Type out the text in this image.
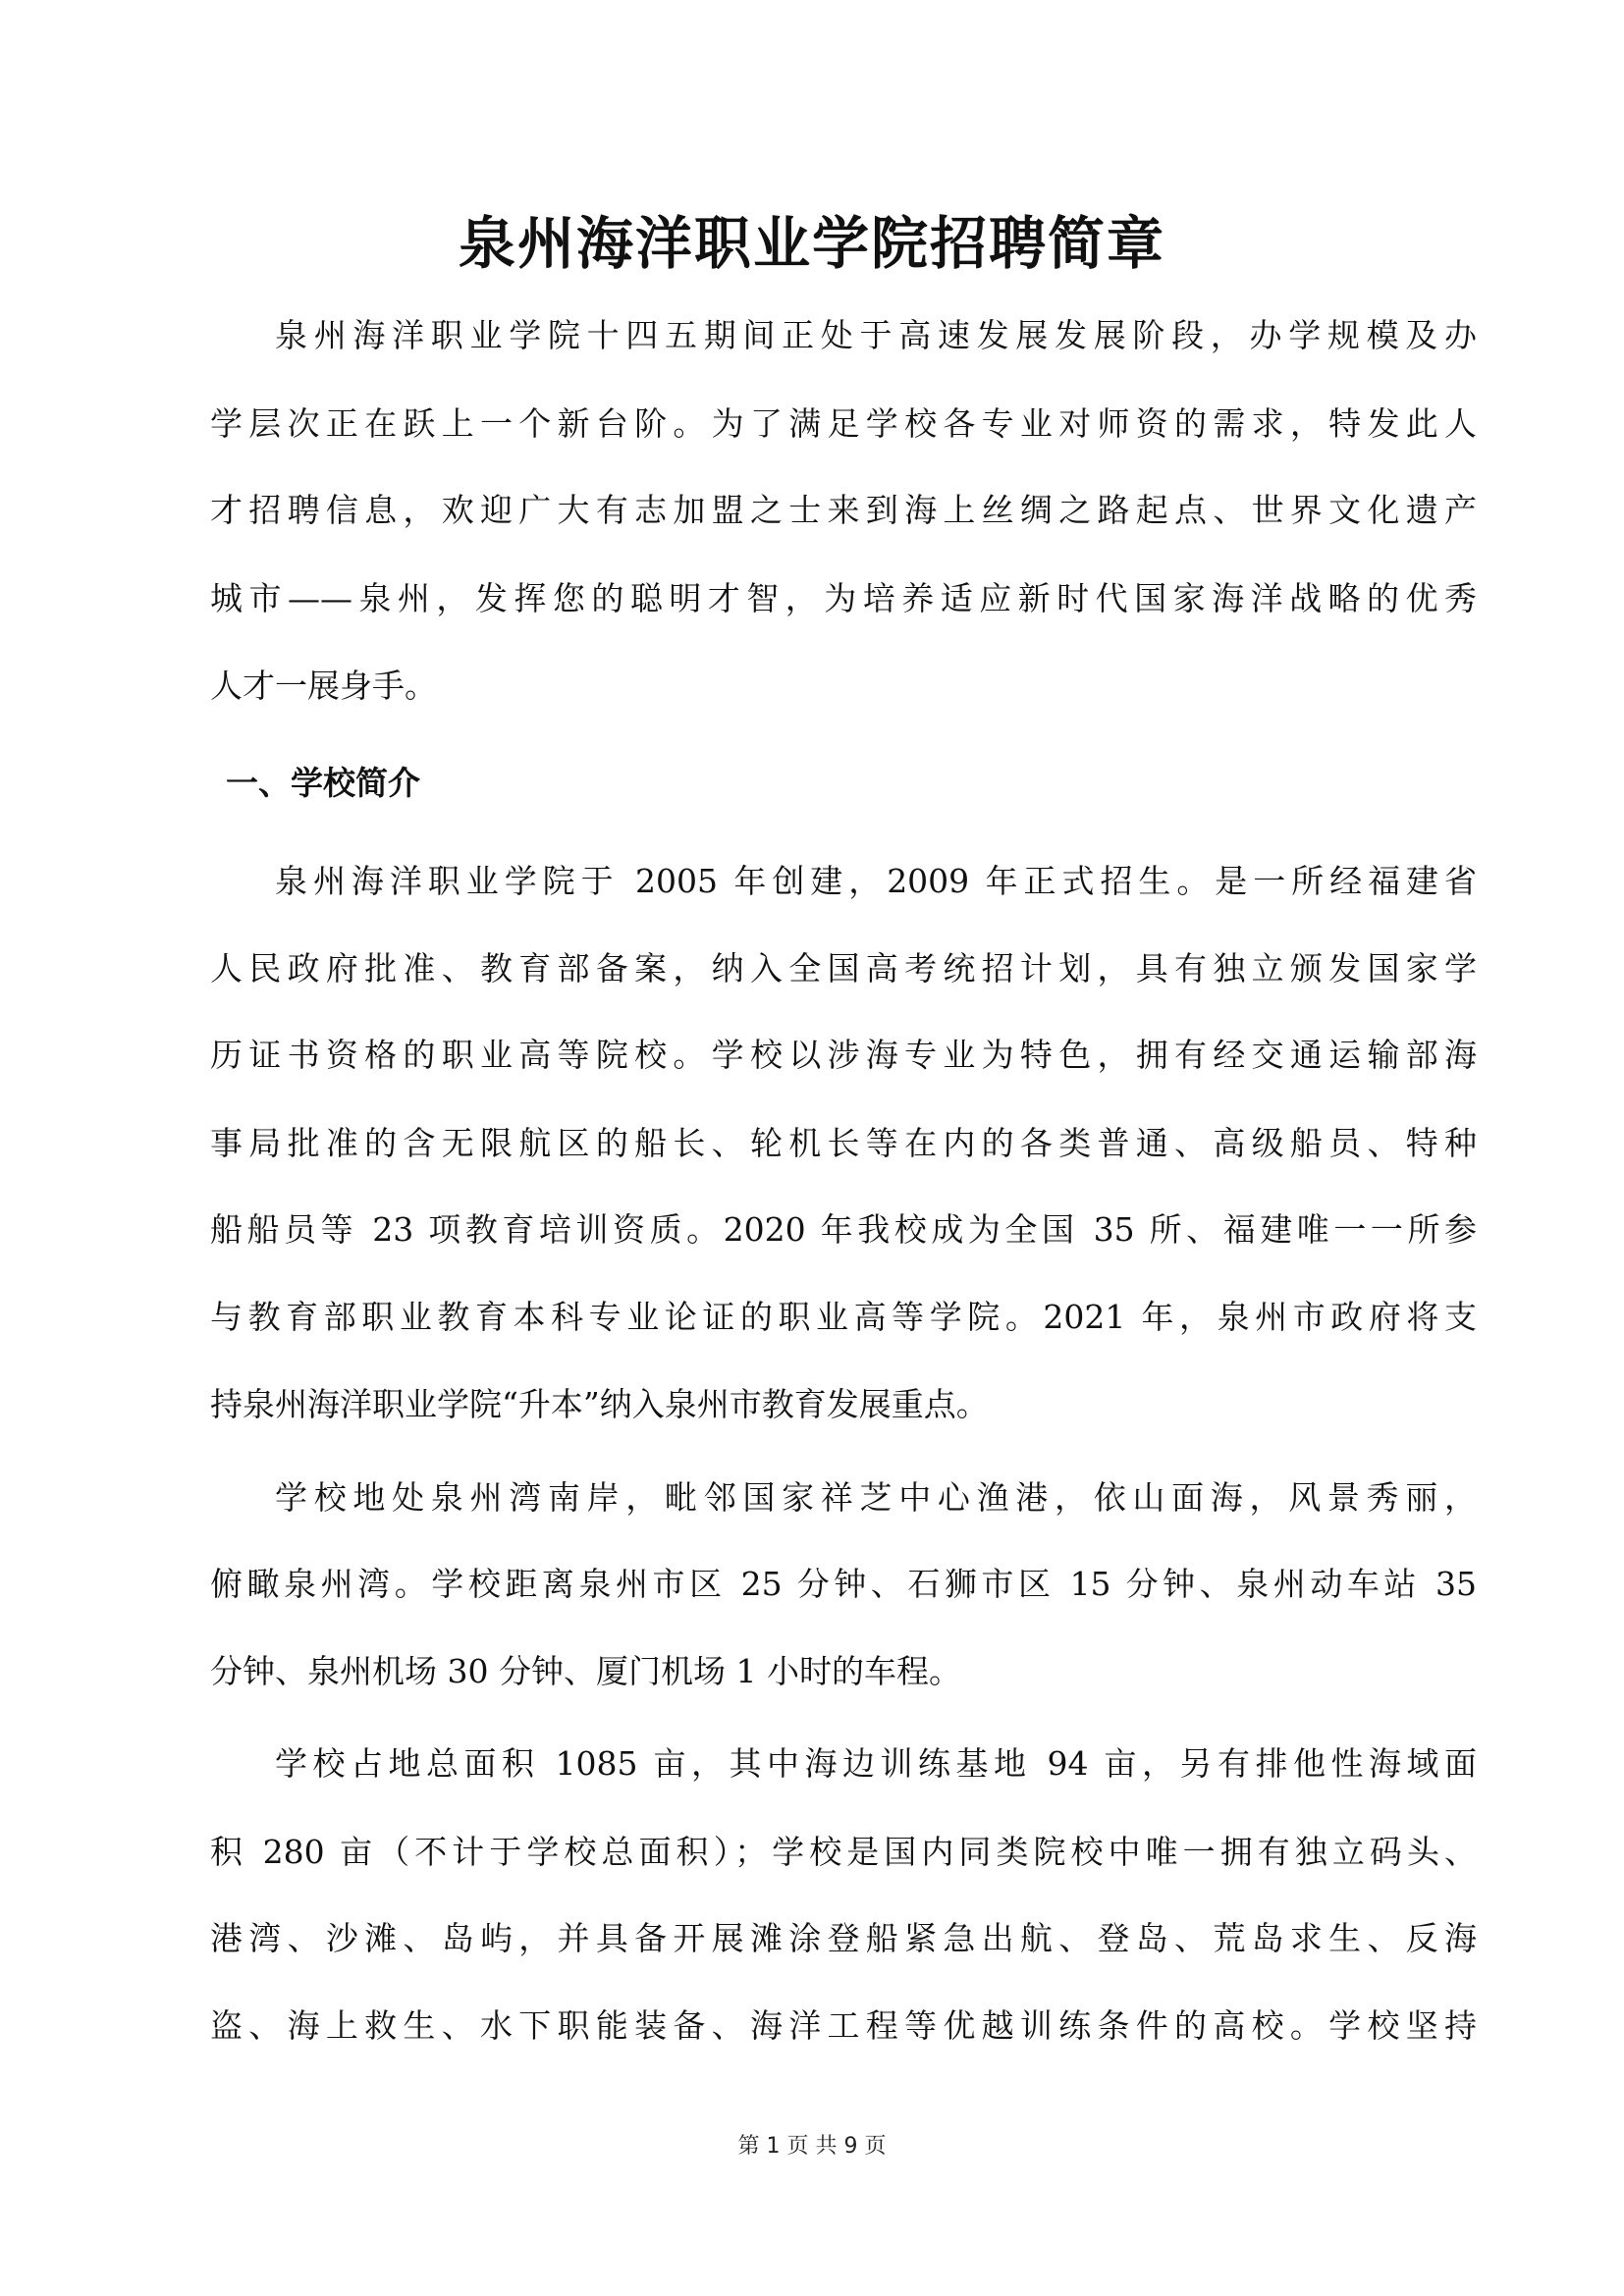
泉州海洋职业学院招聘简章
泉州海洋职业学院十四五期间正处于高速发展发展阶段，办学规模及办
学层次正在跃上一个新台阶。为了满足学校各专业对师资的需求，特发此人
才招聘信息，欢迎广大有志加盟之士来到海上丝绸之路起点、世界文化遗产
城市——泉州，发挥您的聪明才智，为培养适应新时代国家海洋战略的优秀
人才一展身手。
一、学校简介
泉州海洋职业学院于 2005 年创建，2009 年正式招生。是一所经福建省
人民政府批准、教育部备案，纳入全国高考统招计划，具有独立颁发国家学
历证书资格的职业高等院校。学校以涉海专业为特色，拥有经交通运输部海
事局批准的含无限航区的船长、轮机长等在内的各类普通、高级船员、特种
船船员等 23 项教育培训资质。2020 年我校成为全国 35 所、福建唯一一所参
与教育部职业教育本科专业论证的职业高等学院。2021 年，泉州市政府将支
持泉州海洋职业学院“升本”纳入泉州市教育发展重点。
学校地处泉州湾南岸，毗邻国家祥芝中心渔港，依山面海，风景秀丽，
俯瞰泉州湾。学校距离泉州市区 25 分钟、石狮市区 15 分钟、泉州动车站 35
分钟、泉州机场 30 分钟、厦门机场 1 小时的车程。
学校占地总面积 1085 亩，其中海边训练基地 94 亩，另有排他性海域面
积 280 亩（不计于学校总面积）；学校是国内同类院校中唯一拥有独立码头、
港湾、沙滩、岛屿，并具备开展滩涂登船紧急出航、登岛、荒岛求生、反海
盗、海上救生、水下职能装备、海洋工程等优越训练条件的高校。学校坚持
第 1 页 共 9 页
